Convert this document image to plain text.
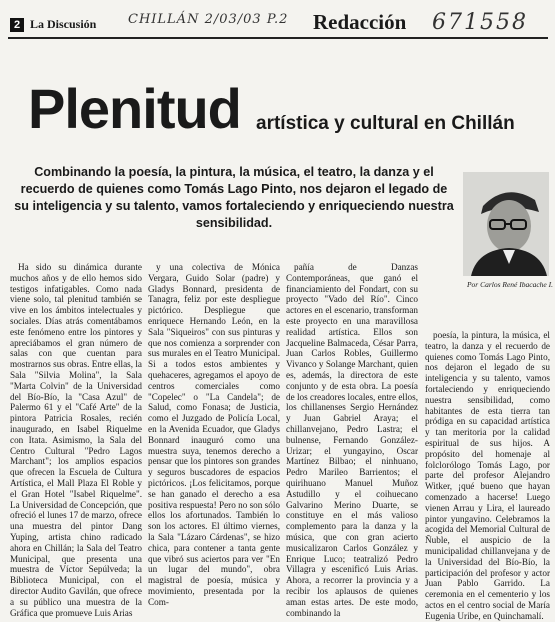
2 La Discusión CHILLÁN 2/03/03 P.2 Redacción 671558
Plenitud artística y cultural en Chillán
Combinando la poesía, la pintura, la música, el teatro, la danza y el recuerdo de quienes como Tomás Lago Pinto, nos dejaron el legado de su inteligencia y su talento, vamos fortaleciendo y enriqueciendo nuestra sensibilidad.
Por Carlos René Ibacache I.

Ha sido su dinámica durante muchos años y de ello hemos sido testigos infatigables. Como nada viene solo, tal plenitud también se vive en los ámbitos intelectuales y sociales. Días atrás comentábamos este fenómeno entre los pintores y apreciábamos el gran número de salas con que cuentan para mostrarnos sus obras. Entre ellas, la Sala "Silvia Molina", la Sala "Marta Colvin" de la Universidad del Bío-Bío, la "Casa Azul" de Palermo 61 y el "Café Arte" de la pintora Patricia Rosales, recién inaugurado, en Isabel Riquelme con Itata. Asimismo, la Sala del Centro Cultural "Pedro Lagos Marchant"; los amplios espacios que ofrecen la Escuela de Cultura Artística, el Mall Plaza El Roble y el Gran Hotel "Isabel Riquelme". La Universidad de Concepción, que ofreció el lunes 17 de marzo, ofrece una muestra del pintor Dang Yuping, artista chino radicado ahora en Chillán; la Sala del Teatro Municipal, que presenta una muestra de Víctor Sepúlveda; la Biblioteca Municipal, con el director Audito Gavilán, que ofrece a su público una muestra de la Gráfica que promueve Luis Arias

y una colectiva de Mónica Vergara, Guido Solar (padre) y Gladys Bonnard, presidenta de Tanagra, feliz por este despliegue pictórico. Despliegue que enriquece Hernando León, en la Sala "Siqueiros" con sus pinturas y que nos comienza a sorprender con sus murales en el Teatro Municipal. Si a todos estos ambientes y quehaceres, agregamos el apoyo de centros comerciales como "Copelec" o "La Candela"; de Salud, como Fonasa; de Justicia, como el Juzgado de Policía Local, en la Avenida Ecuador, que Gladys Bonnard inauguró como una muestra suya, tenemos derecho a pensar que los pintores son grandes y seguros buscadores de espacios pictóricos. ¡Los felicitamos, porque se han ganado el derecho a esa positiva respuesta! Pero no son sólo ellos los afortunados. También lo son los actores. El último viernes, la Sala "Lázaro Cárdenas", se hizo chica, para contener a tanta gente que vibró sus aciertos para ver "En un lugar del mundo", obra magistral de poesía, música y movimiento, presentada por la Com-

pañía de Danzas Contemporáneas, que ganó el financiamiento del Fondart, con su proyecto "Vado del Río". Cinco actores en el escenario, transforman este proyecto en una maravillosa realidad artística. Ellos son Jacqueline Balmaceda, César Parra, Juan Carlos Robles, Guillermo Vivanco y Solange Marchant, quien es, además, la directora de este conjunto y de esta obra. La poesía de los creadores locales, entre ellos, los chillanenses Sergio Hernández y Juan Gabriel Araya; el chillanvejano, Pedro Lastra; el bulnense, Fernando González-Urizar; el yungayino, Oscar Martínez Bilbao; el ninhuano, Pedro Marileo Barrientos; el quirihuano Manuel Muñoz Astudillo y el coihuecano Galvarino Merino Duarte, se constituye en el más valioso complemento para la danza y la música, que con gran acierto musicalizaron Carlos González y Enrique Luco; teatralizó Pedro Villagra y escenificó Luis Arias. Ahora, a recorrer la provincia y a recibir los aplausos de quienes aman estas artes. De este modo, combinando la

poesía, la pintura, la música, el teatro, la danza y el recuerdo de quienes como Tomás Lago Pinto, nos dejaron el legado de su inteligencia y su talento, vamos fortaleciendo y enriqueciendo nuestra sensibilidad, como habitantes de esta tierra tan pródiga en su capacidad artística y tan meritoria por la calidad espiritual de sus hijos. A propósito del homenaje al folclorólogo Tomás Lago, por parte del profesor Alejandro Witker, ¡qué bueno que hayan comenzado a hacerse! Luego vienen Arrau y Lira, el laureado pintor yungavino. Celebramos la acogida del Memorial Cultural de Ñuble, el auspicio de la municipalidad chillanvejana y de la Universidad del Bío-Bío, la participación del profesor y actor Juan Pablo Garrido. La ceremonia en el cementerio y los actos en el centro social de María Eugenia Uribe, en Quinchamalí.
